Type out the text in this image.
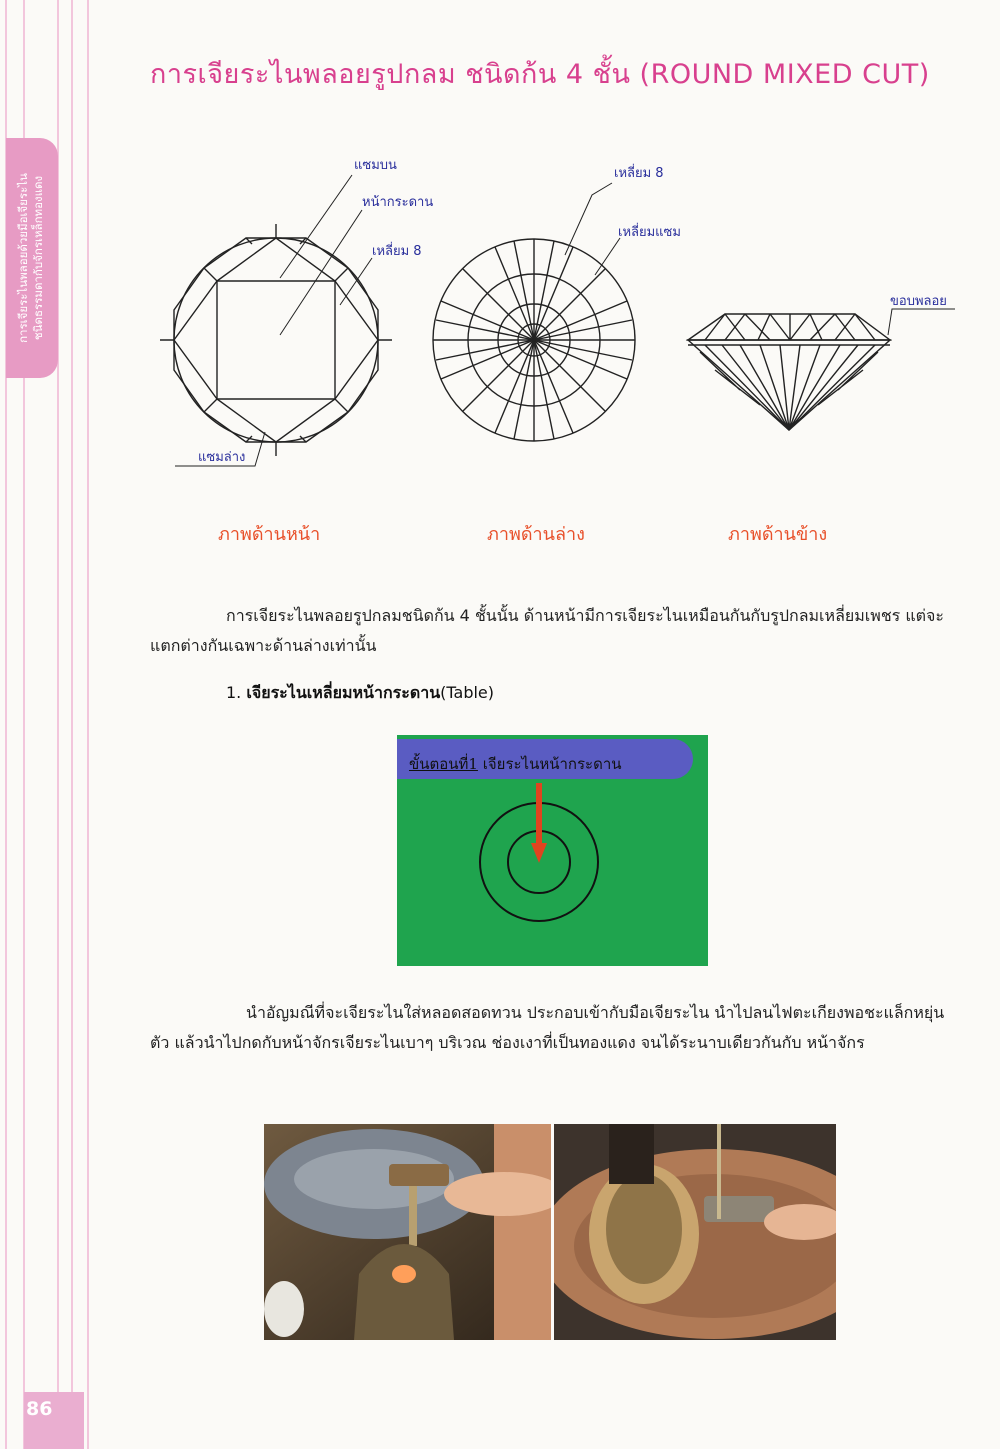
การเจียระไนพลอยด้วยมือเจียระไน ชนิดธรรมดากับจักรเหล็กทองแดง
86
การเจียระไนพลอยรูปกลม ชนิดก้น 4 ชั้น (ROUND MIXED CUT)
แซมบน
หน้ากระดาน
เหลี่ยม 8
แซมล่าง
เหลี่ยม 8
เหลี่ยมแซม
ขอบพลอย
ภาพด้านหน้า	ภาพด้านล่าง	ภาพด้านข้าง

การเจียระไนพลอยรูปกลมชนิดก้น 4 ชั้นนั้น ด้านหน้ามีการเจียระไนเหมือนกันกับรูปกลมเหลี่ยมเพชร แต่จะแตกต่างกันเฉพาะด้านล่างเท่านั้น

1. เจียระไนเหลี่ยมหน้ากระดาน(Table)
ขั้นตอนที่1 เจียระไนหน้ากระดาน

นำอัญมณีที่จะเจียระไนใส่หลอดสอดทวน ประกอบเข้ากับมือเจียระไน นำไปลนไฟตะเกียงพอชะแล็กหยุ่นตัว แล้วนำไปกดกับหน้าจักรเจียระไนเบาๆ บริเวณ ช่องเงาที่เป็นทองแดง จนได้ระนาบเดียวกันกับ หน้าจักร
